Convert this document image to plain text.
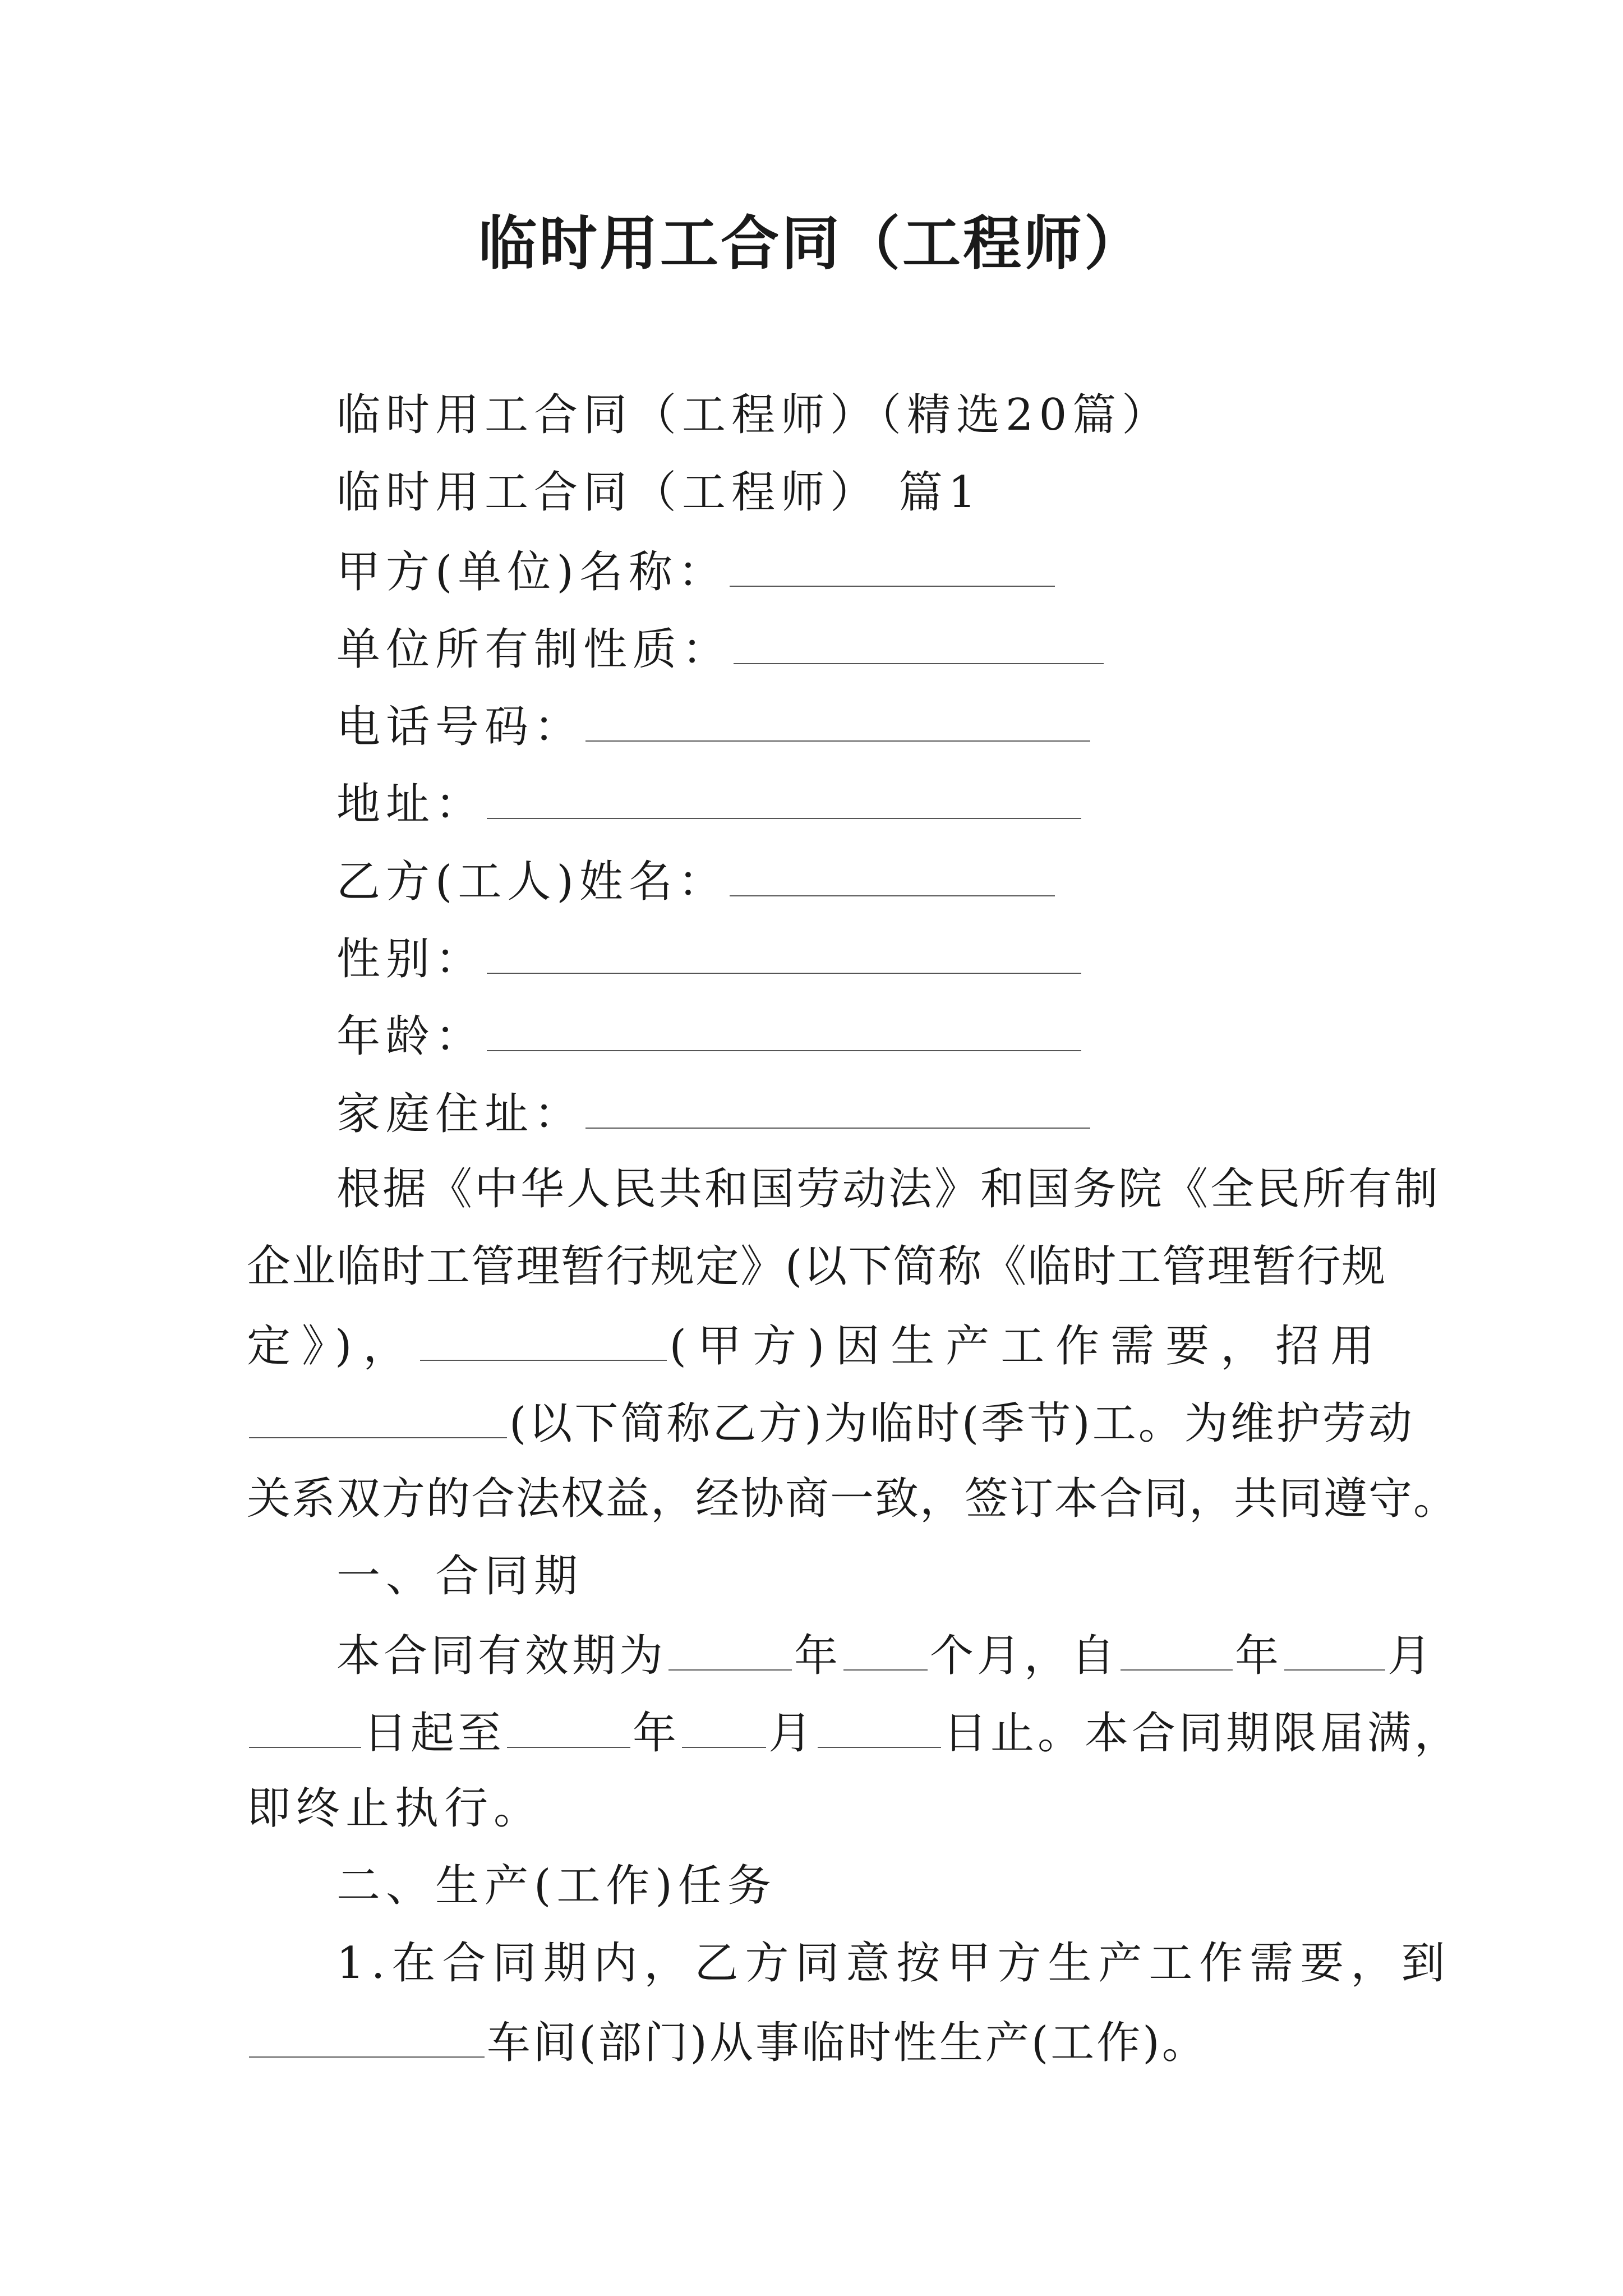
临时用工合同（工程师）
临时用工合同（工程师）（精选20篇）
临时用工合同（工程师） 篇1
甲方(单位)名称：
单位所有制性质：
电话号码：
地址：
乙方(工人)姓名：
性别：
年龄：
家庭住址：
根据《中华人民共和国劳动法》和国务院《全民所有制
企业临时工管理暂行规定》(以下简称《临时工管理暂行规
定》)，	(甲方)因生产工作需要，招用
(以下简称乙方)为临时(季节)工。为维护劳动
关系双方的合法权益，经协商一致，签订本合同，共同遵守。
一、合同期
本合同有效期为	年 个月，自	年 月
日起至	年 月	日止。本合同期限届满，
即终止执行。
二、生产(工作)任务
1.在合同期内，乙方同意按甲方生产工作需要，到
车间(部门)从事临时性生产(工作)。
